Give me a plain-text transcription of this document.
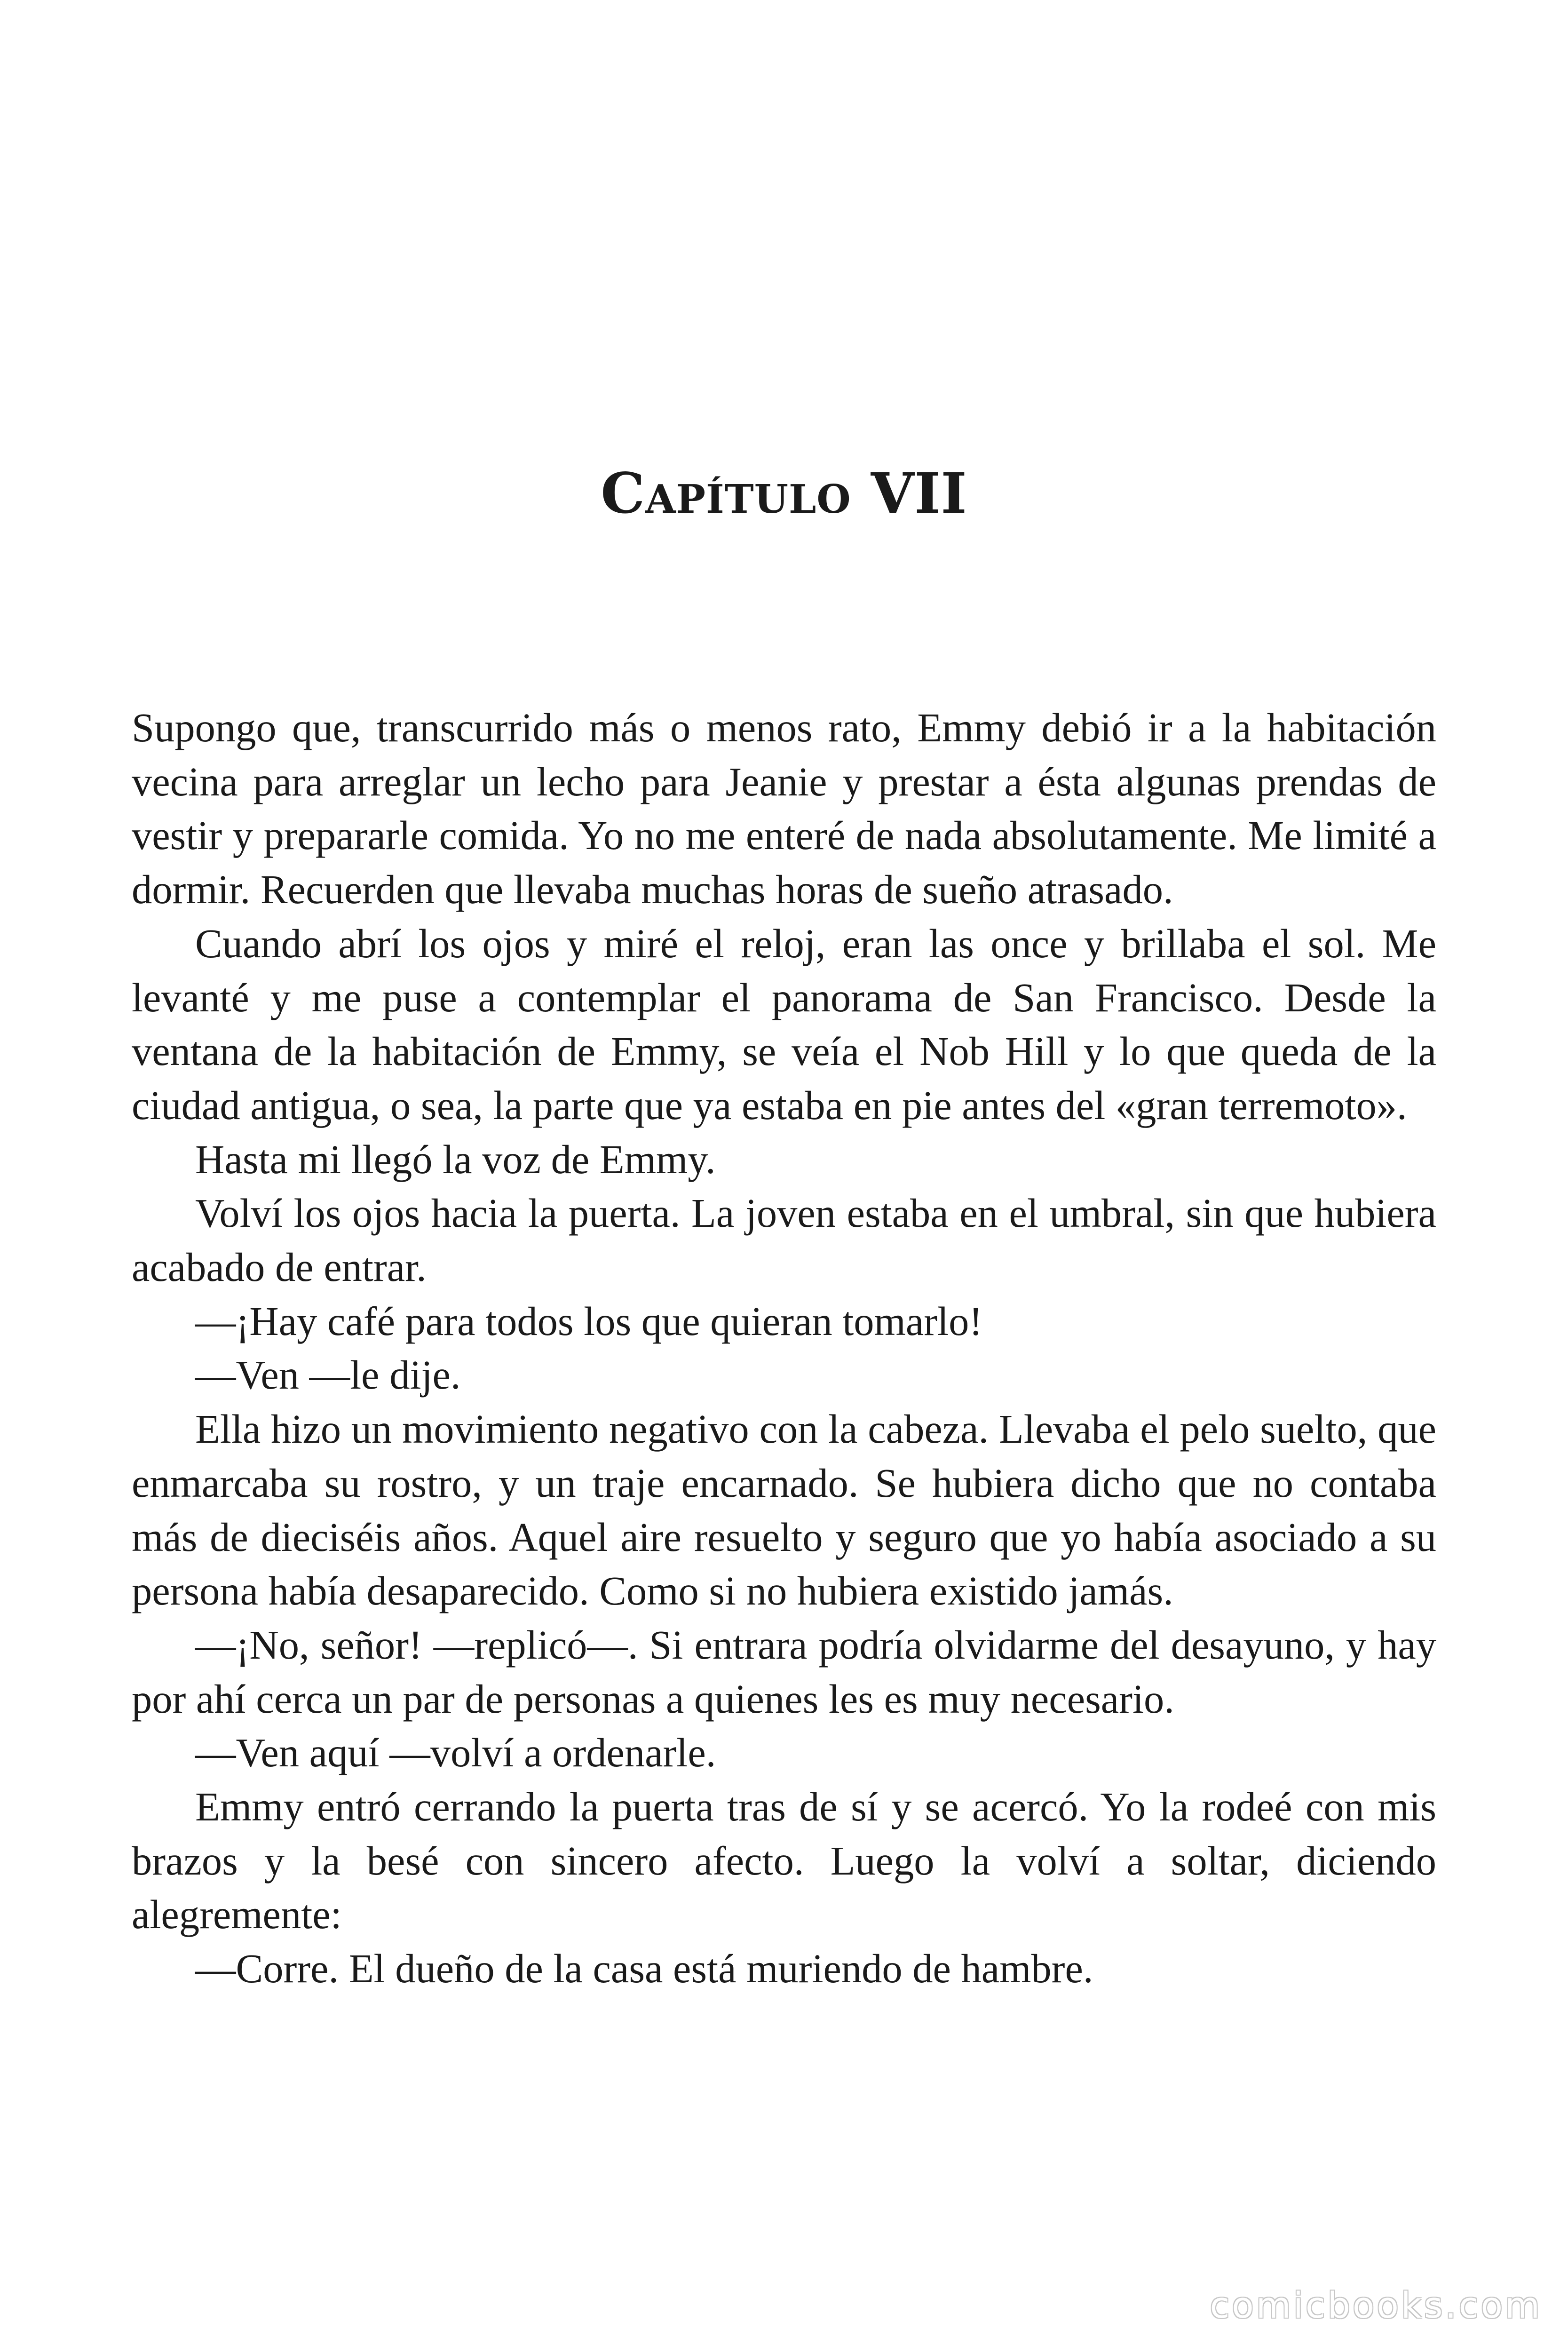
Capítulo VII

Supongo que, transcurrido más o menos rato, Emmy debió ir a la habitación vecina para arreglar un lecho para Jeanie y prestar a ésta algunas prendas de vestir y prepararle comida. Yo no me enteré de nada absolutamente. Me limité a dormir. Recuerden que llevaba muchas horas de sueño atrasado.

Cuando abrí los ojos y miré el reloj, eran las once y brillaba el sol. Me levanté y me puse a contemplar el panorama de San Francisco. Desde la ventana de la habitación de Emmy, se veía el Nob Hill y lo que queda de la ciudad antigua, o sea, la parte que ya estaba en pie antes del «gran terremoto».

Hasta mi llegó la voz de Emmy.

Volví los ojos hacia la puerta. La joven estaba en el umbral, sin que hubiera acabado de entrar.

—¡Hay café para todos los que quieran tomarlo!

—Ven —le dije.

Ella hizo un movimiento negativo con la cabeza. Llevaba el pelo suelto, que enmarcaba su rostro, y un traje encarnado. Se hubiera dicho que no contaba más de dieciséis años. Aquel aire resuelto y seguro que yo había asociado a su persona había desaparecido. Como si no hubiera existido jamás.

—¡No, señor! —replicó—. Si entrara podría olvidarme del desayuno, y hay por ahí cerca un par de personas a quienes les es muy necesario.

—Ven aquí —volví a ordenarle.

Emmy entró cerrando la puerta tras de sí y se acercó. Yo la rodeé con mis brazos y la besé con sincero afecto. Luego la volví a soltar, diciendo alegremente:

—Corre. El dueño de la casa está muriendo de hambre.

comicbooks.com
